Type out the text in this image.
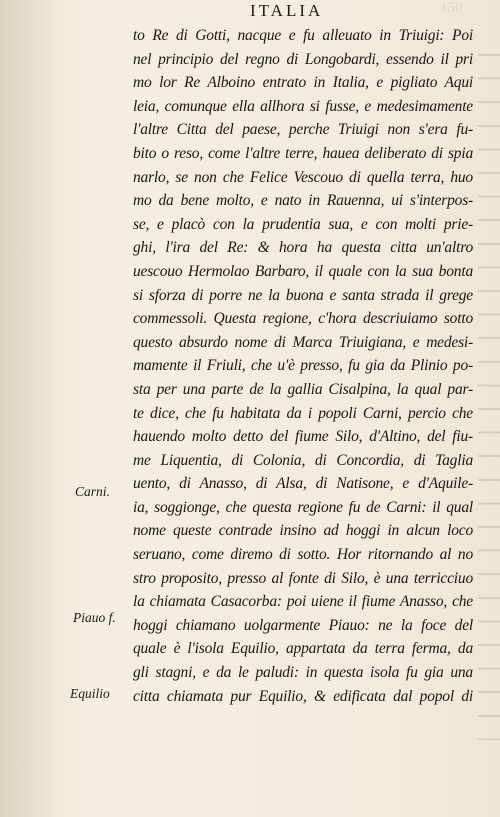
ITALIA	150
to Re di Gotti, nacque e fu alleuato in Triuigi: Poi
nel principio del regno di Longobardi, essendo il pri
mo lor Re Alboino entrato in Italia, e pigliato Aqui
leia, comunque ella allhora si fusse, e medesimamente
l'altre Citta del paese, perche Triuigi non s'era fu-
bito o reso, come l'altre terre, hauea deliberato di spia
narlo, se non che Felice Vescouo di quella terra, huo
mo da bene molto, e nato in Rauenna, ui s'interpos-
se, e placò con la prudentia sua, e con molti prie-
ghi, l'ira del Re: & hora ha questa citta un'altro
uescouo Hermolao Barbaro, il quale con la sua bonta
si sforza di porre ne la buona e santa strada il grege
commessoli. Questa regione, c'hora descriuiamo sotto
questo absurdo nome di Marca Triuigiana, e medesi-
mamente il Friuli, che u'è presso, fu gia da Plinio po-
sta per una parte de la gallia Cisalpina, la qual par-
te dice, che fu habitata da i popoli Carni, percio che
hauendo molto detto del fiume Silo, d'Altino, del fiu-
me Liquentia, di Colonia, di Concordia, di Taglia
uento, di Anasso, di Alsa, di Natisone, e d'Aquile-
ia, soggionge, che questa regione fu de Carni: il qual
nome queste contrade insino ad hoggi in alcun loco
seruano, come diremo di sotto. Hor ritornando al no
stro proposito, presso al fonte di Silo, è una terricciuo
la chiamata Casacorba: poi uiene il fiume Anasso, che
hoggi chiamano uolgarmente Piauo: ne la foce del
quale è l'isola Equilio, appartata da terra ferma, da
gli stagni, e da le paludi: in questa isola fu gia una
citta chiamata pur Equilio, & edificata dal popol di
Carni.
Piauo f.
Equilio
